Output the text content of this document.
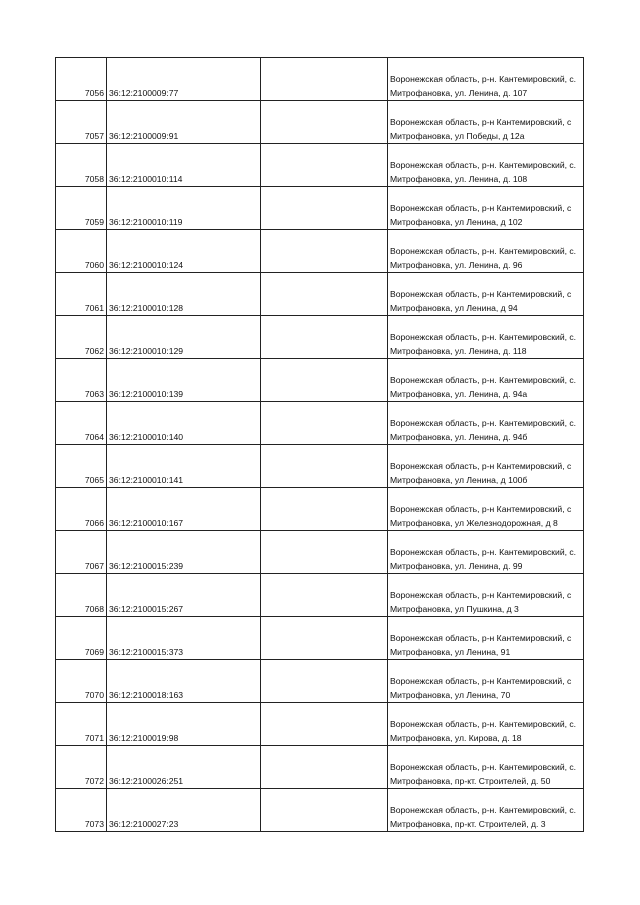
7056	36:12:2100009:77		Воронежская область, р-н. Кантемировский, с. Митрофановка, ул. Ленина, д. 107
7057	36:12:2100009:91		Воронежская область, р-н Кантемировский, с Митрофановка, ул Победы, д 12а
7058	36:12:2100010:114		Воронежская область, р-н. Кантемировский, с. Митрофановка, ул. Ленина, д. 108
7059	36:12:2100010:119		Воронежская область, р-н Кантемировский, с Митрофановка, ул Ленина, д 102
7060	36:12:2100010:124		Воронежская область, р-н. Кантемировский, с. Митрофановка, ул. Ленина, д. 96
7061	36:12:2100010:128		Воронежская область, р-н Кантемировский, с Митрофановка, ул Ленина, д 94
7062	36:12:2100010:129		Воронежская область, р-н. Кантемировский, с. Митрофановка, ул. Ленина, д. 118
7063	36:12:2100010:139		Воронежская область, р-н. Кантемировский, с. Митрофановка, ул. Ленина, д. 94а
7064	36:12:2100010:140		Воронежская область, р-н. Кантемировский, с. Митрофановка, ул. Ленина, д. 94б
7065	36:12:2100010:141		Воронежская область, р-н Кантемировский, с Митрофановка, ул Ленина, д 100б
7066	36:12:2100010:167		Воронежская область, р-н Кантемировский, с Митрофановка, ул Железнодорожная, д 8
7067	36:12:2100015:239		Воронежская область, р-н. Кантемировский, с. Митрофановка, ул. Ленина, д. 99
7068	36:12:2100015:267		Воронежская область, р-н Кантемировский, с Митрофановка, ул Пушкина, д 3
7069	36:12:2100015:373		Воронежская область, р-н Кантемировский, с Митрофановка, ул Ленина, 91
7070	36:12:2100018:163		Воронежская область, р-н Кантемировский, с Митрофановка, ул Ленина, 70
7071	36:12:2100019:98		Воронежская область, р-н. Кантемировский, с. Митрофановка, ул. Кирова, д. 18
7072	36:12:2100026:251		Воронежская область, р-н. Кантемировский, с. Митрофановка, пр-кт. Строителей, д. 50
7073	36:12:2100027:23		Воронежская область, р-н. Кантемировский, с. Митрофановка, пр-кт. Строителей, д. 3
